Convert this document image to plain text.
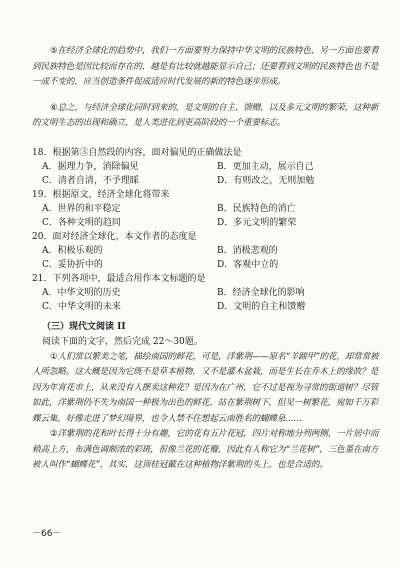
⑤在经济全球化的趋势中，我们一方面要努力保持中华文明的民族特色，另一方面也要看到民族特色是因比较而存在的，越是有比较就越能显示自己；还要看到文明的民族特色也不是一成不变的，应当创造条件促成适应时代发展的新的特色逐步形成。

⑥总之，与经济全球化同时到来的，是文明的自主、馈赠，以及多元文明的繁荣，这种新的文明生态的出现和确立，是人类进化到更高阶段的一个重要标志。

18．根据第③自然段的内容，面对偏见的正确做法是

A．据理力争，消除偏见	B．更加主动，展示自己
C．清者自清，不予理睬	D．有则改之，无则加勉

19．根据原文，经济全球化将带来

A．世界的和平稳定	B．民族特色的消亡
C．各种文明的趋同	D．多元文明的繁荣

20．面对经济全球化，本文作者的态度是

A．积极乐观的	B．消极悲观的
C．妥协折中的	D．客观中立的

21．下列各项中，最适合用作本文标题的是

A．中华文明的历史	B．经济全球化的影响
C．中华文明的未来	D．文明的自主和馈赠

（三）现代文阅读 II

阅读下面的文字，然后完成 22～30题。

①人们常以繁美之笔，描绘南国的鲜花，可是，洋紫荆——原名“羊蹄甲”的花，却常常被人所忽略。这大概是因为它既不是草本植物，又不是灌木盆栽，而是生长在乔木上的缘故？是因为年宵花市上，从来没有人摆卖这种花？是因为在广州，它不过是视为寻常的街道树？尽管如此，洋紫荆仍不失为南国一种极为出色的鲜花，站在紫荆树下，但见一树繁花，宛如千万彩蝶云集，好像走进了梦幻境界，也令人禁不住想起云南胜名的蝴蝶泉……

②洋紫荆的花和叶长得十分有趣，它的花有五片花冠，四片对称地分列两侧，一片居中而稍高上方，布满色调颇浓的彩斑，很像兰花的花瓣，因此有人称它为“兰花树”，三色堇在南方被人叫作“蝴蝶花”，其实，这顶桂冠戴在这种植物洋紫荆的头上，也是合适的。

－66－
